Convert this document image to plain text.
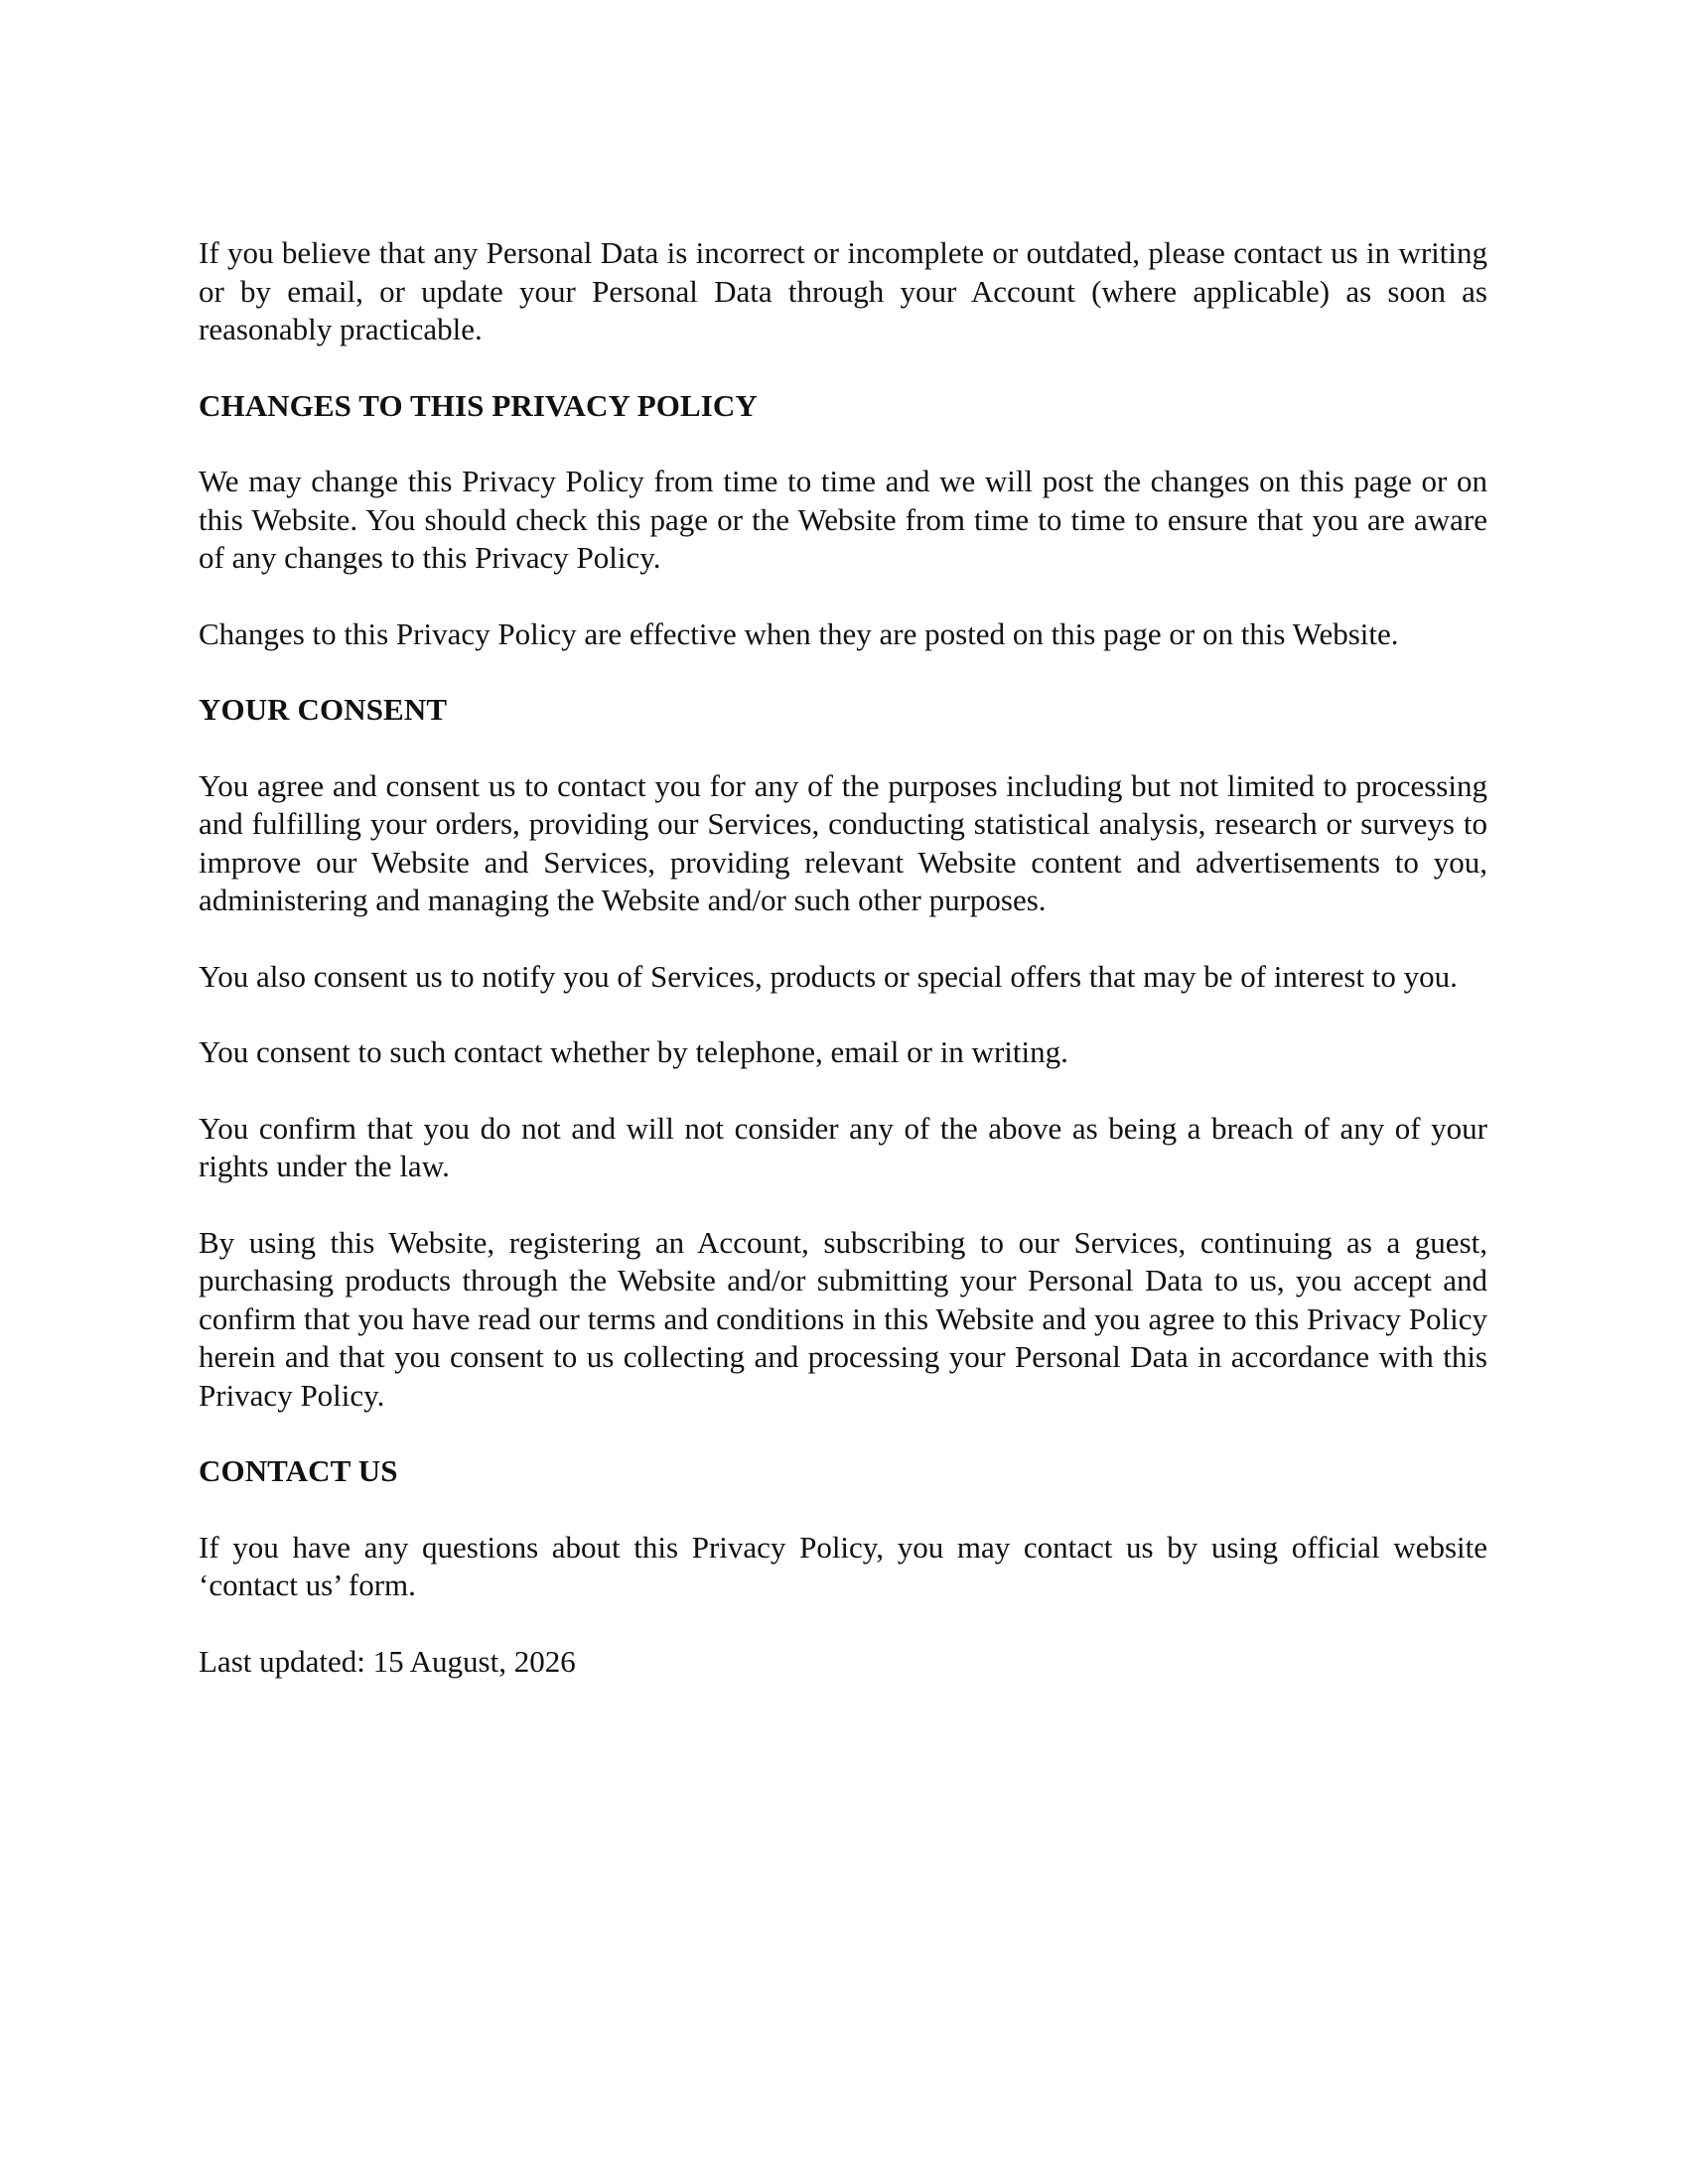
If you believe that any Personal Data is incorrect or incomplete or outdated, please contact us in writing or by email, or update your Personal Data through your Account (where applicable) as soon as reasonably practicable.

CHANGES TO THIS PRIVACY POLICY

We may change this Privacy Policy from time to time and we will post the changes on this page or on this Website. You should check this page or the Website from time to time to ensure that you are aware of any changes to this Privacy Policy.

Changes to this Privacy Policy are effective when they are posted on this page or on this Website.

YOUR CONSENT

You agree and consent us to contact you for any of the purposes including but not limited to processing and fulfilling your orders, providing our Services, conducting statistical analysis, research or surveys to improve our Website and Services, providing relevant Website content and advertisements to you, administering and managing the Website and/or such other purposes.

You also consent us to notify you of Services, products or special offers that may be of interest to you.

You consent to such contact whether by telephone, email or in writing.

You confirm that you do not and will not consider any of the above as being a breach of any of your rights under the law.

By using this Website, registering an Account, subscribing to our Services, continuing as a guest, purchasing products through the Website and/or submitting your Personal Data to us, you accept and confirm that you have read our terms and conditions in this Website and you agree to this Privacy Policy herein and that you consent to us collecting and processing your Personal Data in accordance with this Privacy Policy.

CONTACT US

If you have any questions about this Privacy Policy, you may contact us by using official website ‘contact us’ form.

Last updated: 15 August, 2026
